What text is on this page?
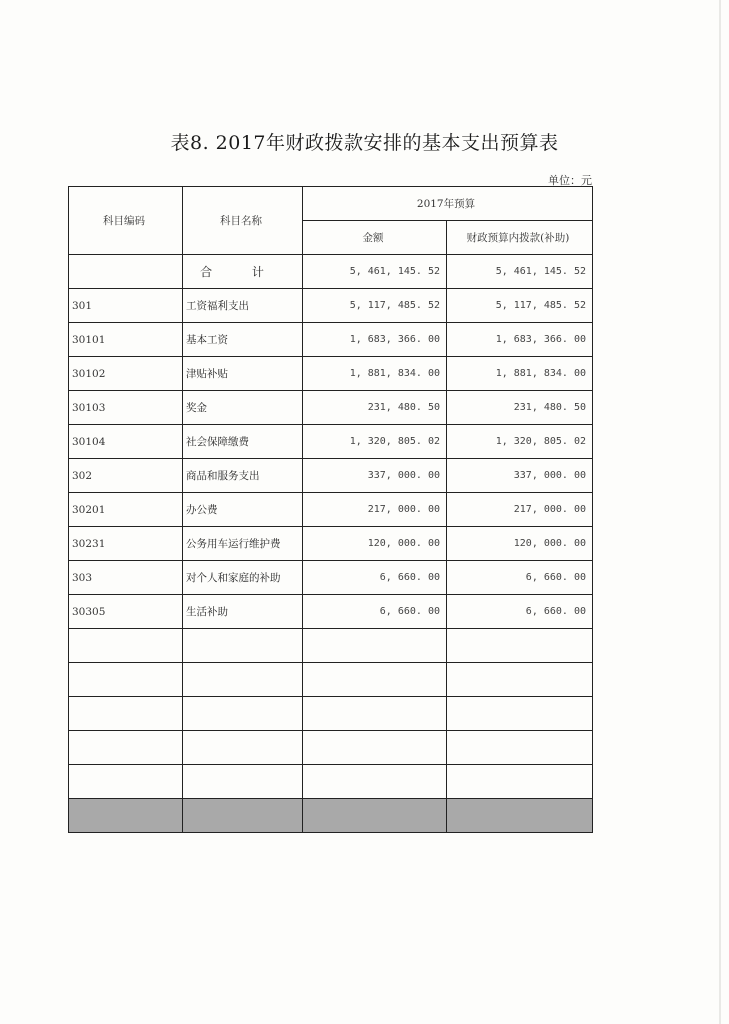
表8. 2017年财政拨款安排的基本支出预算表
单位：元
科目编码	科目名称	2017年预算	
		金额	财政预算内拨款(补助)
	合 计	5, 461, 145. 52	5, 461, 145. 52
301	工资福利支出	5, 117, 485. 52	5, 117, 485. 52
30101	基本工资	1, 683, 366. 00	1, 683, 366. 00
30102	津贴补贴	1, 881, 834. 00	1, 881, 834. 00
30103	奖金	231, 480. 50	231, 480. 50
30104	社会保障缴费	1, 320, 805. 02	1, 320, 805. 02
302	商品和服务支出	337, 000. 00	337, 000. 00
30201	办公费	217, 000. 00	217, 000. 00
30231	公务用车运行维护费	120, 000. 00	120, 000. 00
303	对个人和家庭的补助	6, 660. 00	6, 660. 00
30305	生活补助	6, 660. 00	6, 660. 00
